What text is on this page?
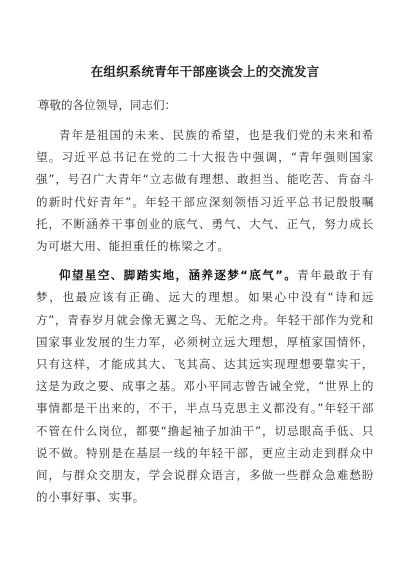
在组织系统青年干部座谈会上的交流发言
尊敬的各位领导，同志们：
青年是祖国的未来、民族的希望，也是我们党的未来和希望。习近平总书记在党的二十大报告中强调，“青年强则国家强”，号召广大青年“立志做有理想、敢担当、能吃苦、肯奋斗的新时代好青年”。年轻干部应深刻领悟习近平总书记殷殷嘱托，不断涵养干事创业的底气、勇气、大气、正气，努力成长为可堪大用、能担重任的栋梁之才。
仰望星空、脚踏实地，涵养逐梦“底气”。青年最敢于有梦，也最应该有正确、远大的理想。如果心中没有“诗和远方”，青春岁月就会像无翼之鸟、无舵之舟。年轻干部作为党和国家事业发展的生力军，必须树立远大理想，厚植家国情怀，只有这样，才能成其大、飞其高、达其远实现理想要靠实干，这是为政之要、成事之基。邓小平同志曾告诫全党，“世界上的事情都是干出来的，不干，半点马克思主义都没有。”年轻干部不管在什么岗位，都要“撸起袖子加油干”，切忌眼高手低、只说不做。特别是在基层一线的年轻干部，更应主动走到群众中间，与群众交朋友，学会说群众语言，多做一些群众急难愁盼的小事好事、实事。
